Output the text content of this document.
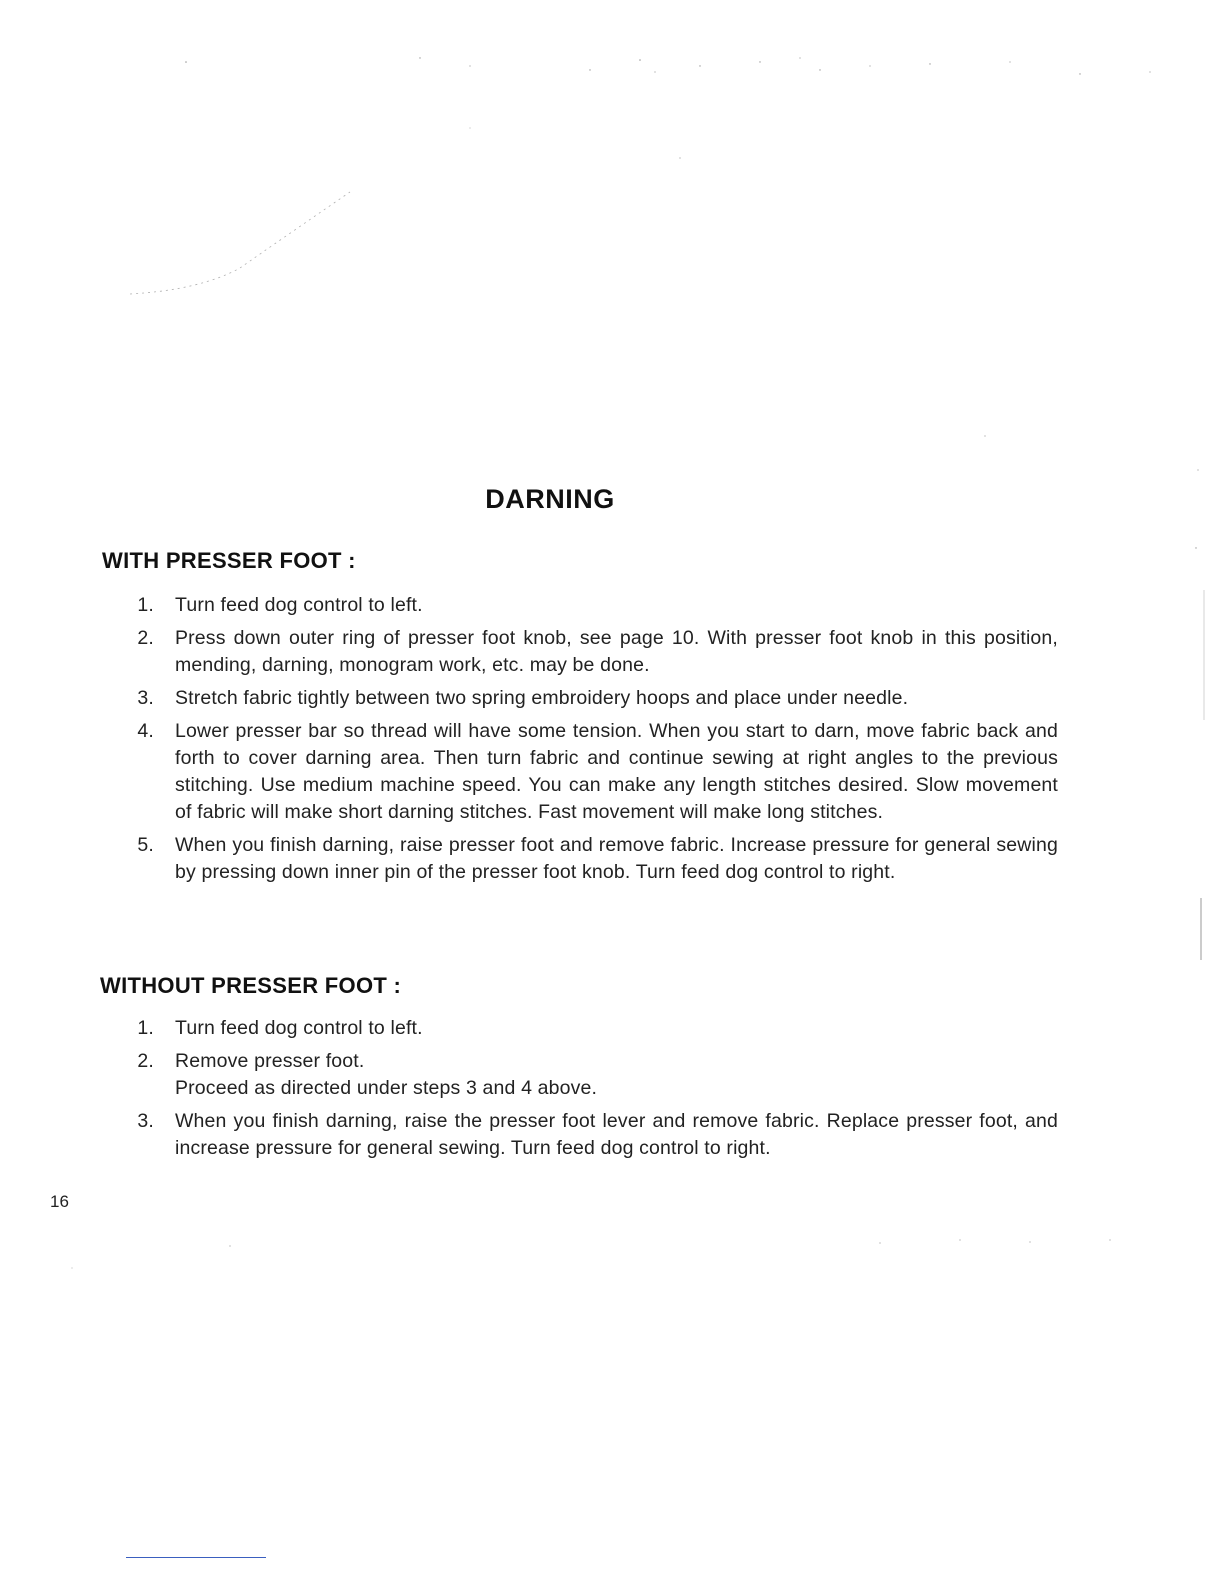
DARNING
WITH PRESSER FOOT :
1. Turn feed dog control to left.
2. Press down outer ring of presser foot knob, see page 10. With presser foot knob in this position, mending, darning, monogram work, etc. may be done.
3. Stretch fabric tightly between two spring embroidery hoops and place under needle.
4. Lower presser bar so thread will have some tension. When you start to darn, move fabric back and forth to cover darning area. Then turn fabric and continue sewing at right angles to the previous stitching. Use medium machine speed. You can make any length stitches desired. Slow movement of fabric will make short darning stitches. Fast movement will make long stitches.
5. When you finish darning, raise presser foot and remove fabric. Increase pressure for general sewing by pressing down inner pin of the presser foot knob. Turn feed dog control to right.
WITHOUT PRESSER FOOT :
1. Turn feed dog control to left.
2. Remove presser foot.
Proceed as directed under steps 3 and 4 above.
3. When you finish darning, raise the presser foot lever and remove fabric. Replace presser foot, and increase pressure for general sewing. Turn feed dog control to right.
16
